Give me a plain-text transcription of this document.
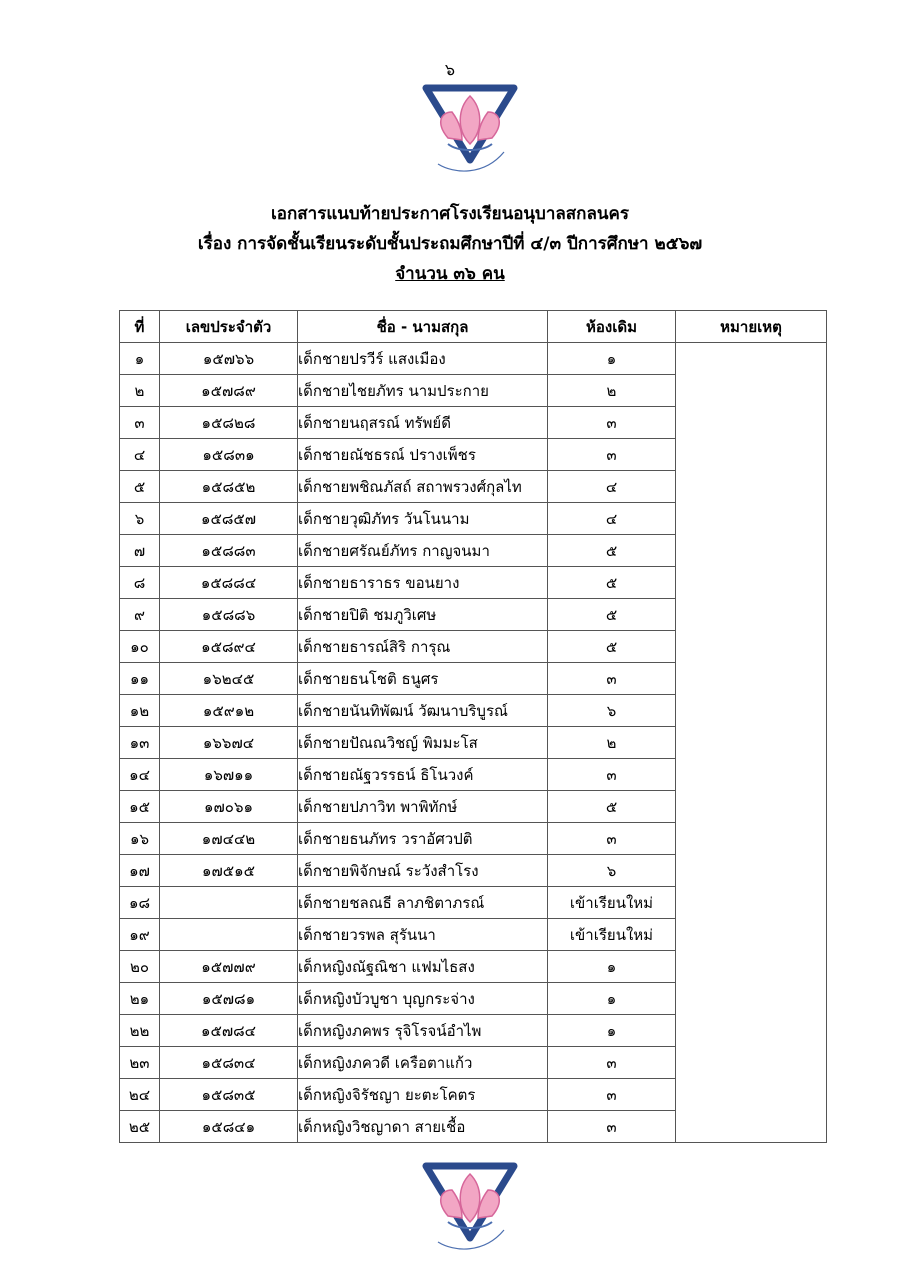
๖
เอกสารแนบท้ายประกาศโรงเรียนอนุบาลสกลนคร
เรื่อง การจัดชั้นเรียนระดับชั้นประถมศึกษาปีที่ ๔/๓ ปีการศึกษา ๒๕๖๗
จำนวน ๓๖ คน
ที่	เลขประจำตัว	ชื่อ - นามสกุล	ห้องเดิม	หมายเหตุ
๑	๑๕๗๖๖	เด็กชายปรวีร์ แสงเมือง	๑	
๒	๑๕๗๘๙	เด็กชายไชยภัทร นามประกาย	๒	
๓	๑๕๘๒๘	เด็กชายนฤสรณ์ ทรัพย์ดี	๓	
๔	๑๕๘๓๑	เด็กชายณัชธรณ์ ปรางเพ็ชร	๓	
๕	๑๕๘๕๒	เด็กชายพชิณภัสถ์ สถาพรวงศ์กุลไท	๔	
๖	๑๕๘๕๗	เด็กชายวุฒิภัทร วันโนนาม	๔	
๗	๑๕๘๘๓	เด็กชายศรัณย์ภัทร กาญจนมา	๕	
๘	๑๕๘๘๔	เด็กชายธาราธร ขอนยาง	๕	
๙	๑๕๘๘๖	เด็กชายปิติ ชมภูวิเศษ	๕	
๑๐	๑๕๘๙๔	เด็กชายธารณ์สิริ การุณ	๕	
๑๑	๑๖๒๔๕	เด็กชายธนโชติ ธนูศร	๓	
๑๒	๑๕๙๑๒	เด็กชายนันทิพัฒน์ วัฒนาบริบูรณ์	๖	
๑๓	๑๖๖๗๔	เด็กชายปัณณวิชญ์ พิมมะโส	๒	
๑๔	๑๖๗๑๑	เด็กชายณัฐวรรธน์ ธิโนวงค์	๓	
๑๕	๑๗๐๖๑	เด็กชายปภาวิท พาพิทักษ์	๕	
๑๖	๑๗๔๔๒	เด็กชายธนภัทร วราอัศวปติ	๓	
๑๗	๑๗๕๑๕	เด็กชายพิจักษณ์ ระวังสำโรง	๖	
๑๘		เด็กชายชลณธี ลาภชิตาภรณ์	เข้าเรียนใหม่	
๑๙		เด็กชายวรพล สุรันนา	เข้าเรียนใหม่	
๒๐	๑๕๗๗๙	เด็กหญิงณัฐณิชา แฟมไธสง	๑	
๒๑	๑๕๗๘๑	เด็กหญิงบัวบูชา บุญกระจ่าง	๑	
๒๒	๑๕๗๘๔	เด็กหญิงภคพร รุจิโรจน์อำไพ	๑	
๒๓	๑๕๘๓๔	เด็กหญิงภควดี เครือตาแก้ว	๓	
๒๔	๑๕๘๓๕	เด็กหญิงจิรัชญา ยะตะโคตร	๓	
๒๕	๑๕๘๔๑	เด็กหญิงวิชญาดา สายเชื้อ	๓	
